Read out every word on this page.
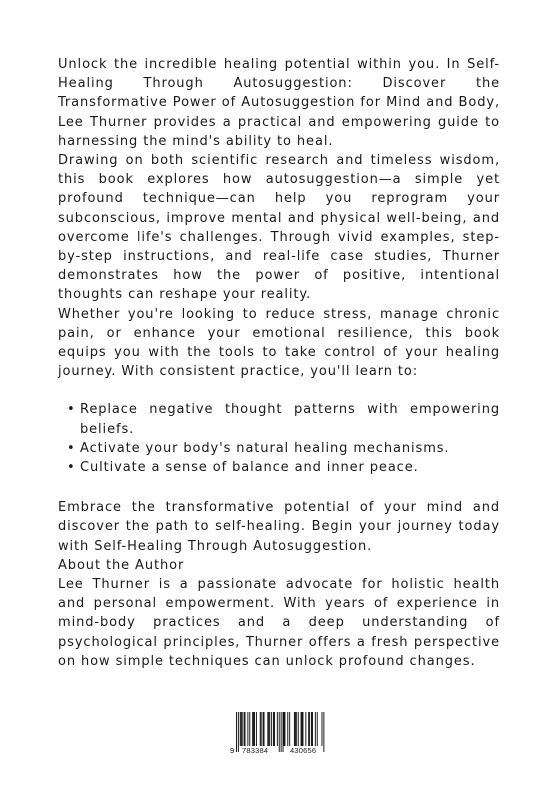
Unlock the incredible healing potential within you. In Self-Healing Through Autosuggestion: Discover the Transformative Power of Autosuggestion for Mind and Body, Lee Thurner provides a practical and empowering guide to harnessing the mind's ability to heal.

Drawing on both scientific research and timeless wisdom, this book explores how autosuggestion—a simple yet profound technique—can help you reprogram your subconscious, improve mental and physical well-being, and overcome life's challenges. Through vivid examples, step-by-step instructions, and real-life case studies, Thurner demonstrates how the power of positive, intentional thoughts can reshape your reality.

Whether you're looking to reduce stress, manage chronic pain, or enhance your emotional resilience, this book equips you with the tools to take control of your healing journey. With consistent practice, you'll learn to:

• Replace negative thought patterns with empowering beliefs.
• Activate your body's natural healing mechanisms.
• Cultivate a sense of balance and inner peace.

Embrace the transformative potential of your mind and discover the path to self-healing. Begin your journey today with Self-Healing Through Autosuggestion.

About the Author

Lee Thurner is a passionate advocate for holistic health and personal empowerment. With years of experience in mind-body practices and a deep understanding of psychological principles, Thurner offers a fresh perspective on how simple techniques can unlock profound changes.

9 783384	430656
